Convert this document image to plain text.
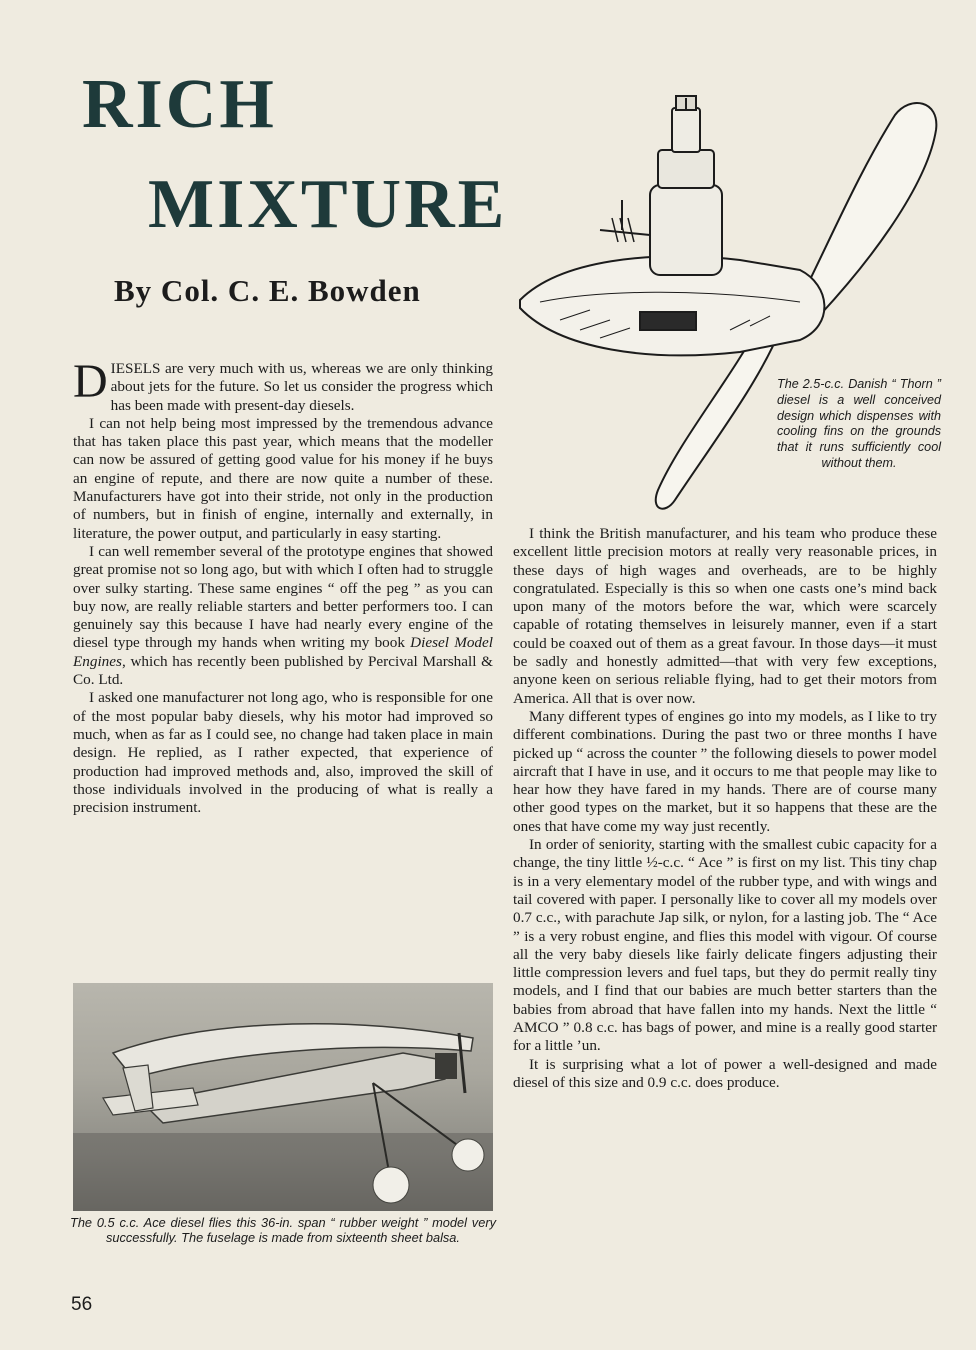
RICH
MIXTURE

By Col. C. E. Bowden

The 2.5-c.c. Danish “ Thorn ” diesel is a well conceived design which dispenses with cooling fins on the grounds that it runs sufficiently cool without them.

DIESELS are very much with us, whereas we are only thinking about jets for the future. So let us consider the progress which has been made with present-day diesels.

I can not help being most impressed by the tremendous advance that has taken place this past year, which means that the modeller can now be assured of getting good value for his money if he buys an engine of repute, and there are now quite a number of these. Manufacturers have got into their stride, not only in the production of numbers, but in finish of engine, internally and externally, in literature, the power output, and particularly in easy starting.

I can well remember several of the prototype engines that showed great promise not so long ago, but with which I often had to struggle over sulky starting. These same engines “ off the peg ” as you can buy now, are really reliable starters and better performers too. I can genuinely say this because I have had nearly every engine of the diesel type through my hands when writing my book Diesel Model Engines, which has recently been published by Percival Marshall & Co. Ltd.

I asked one manufacturer not long ago, who is responsible for one of the most popular baby diesels, why his motor had improved so much, when as far as I could see, no change had taken place in main design. He replied, as I rather expected, that experience of production had improved methods and, also, improved the skill of those individuals involved in the producing of what is really a precision instrument.

The 0.5 c.c. Ace diesel flies this 36-in. span “ rubber weight ” model very successfully. The fuselage is made from sixteenth sheet balsa.

I think the British manufacturer, and his team who produce these excellent little precision motors at really very reasonable prices, in these days of high wages and overheads, are to be highly congratulated. Especially is this so when one casts one’s mind back upon many of the motors before the war, which were scarcely capable of rotating themselves in leisurely manner, even if a start could be coaxed out of them as a great favour. In those days—it must be sadly and honestly admitted—that with very few exceptions, anyone keen on serious reliable flying, had to get their motors from America. All that is over now.

Many different types of engines go into my models, as I like to try different combinations. During the past two or three months I have picked up “ across the counter ” the following diesels to power model aircraft that I have in use, and it occurs to me that people may like to hear how they have fared in my hands. There are of course many other good types on the market, but it so happens that these are the ones that have come my way just recently.

In order of seniority, starting with the smallest cubic capacity for a change, the tiny little ½-c.c. “ Ace ” is first on my list. This tiny chap is in a very elementary model of the rubber type, and with wings and tail covered with paper. I personally like to cover all my models over 0.7 c.c., with parachute Jap silk, or nylon, for a lasting job. The “ Ace ” is a very robust engine, and flies this model with vigour. Of course all the very baby diesels like fairly delicate fingers adjusting their little compression levers and fuel taps, but they do permit really tiny models, and I find that our babies are much better starters than the babies from abroad that have fallen into my hands. Next the little “ AMCO ” 0.8 c.c. has bags of power, and mine is a really good starter for a little ’un.

It is surprising what a lot of power a well-designed and made diesel of this size and 0.9 c.c. does produce.

56
